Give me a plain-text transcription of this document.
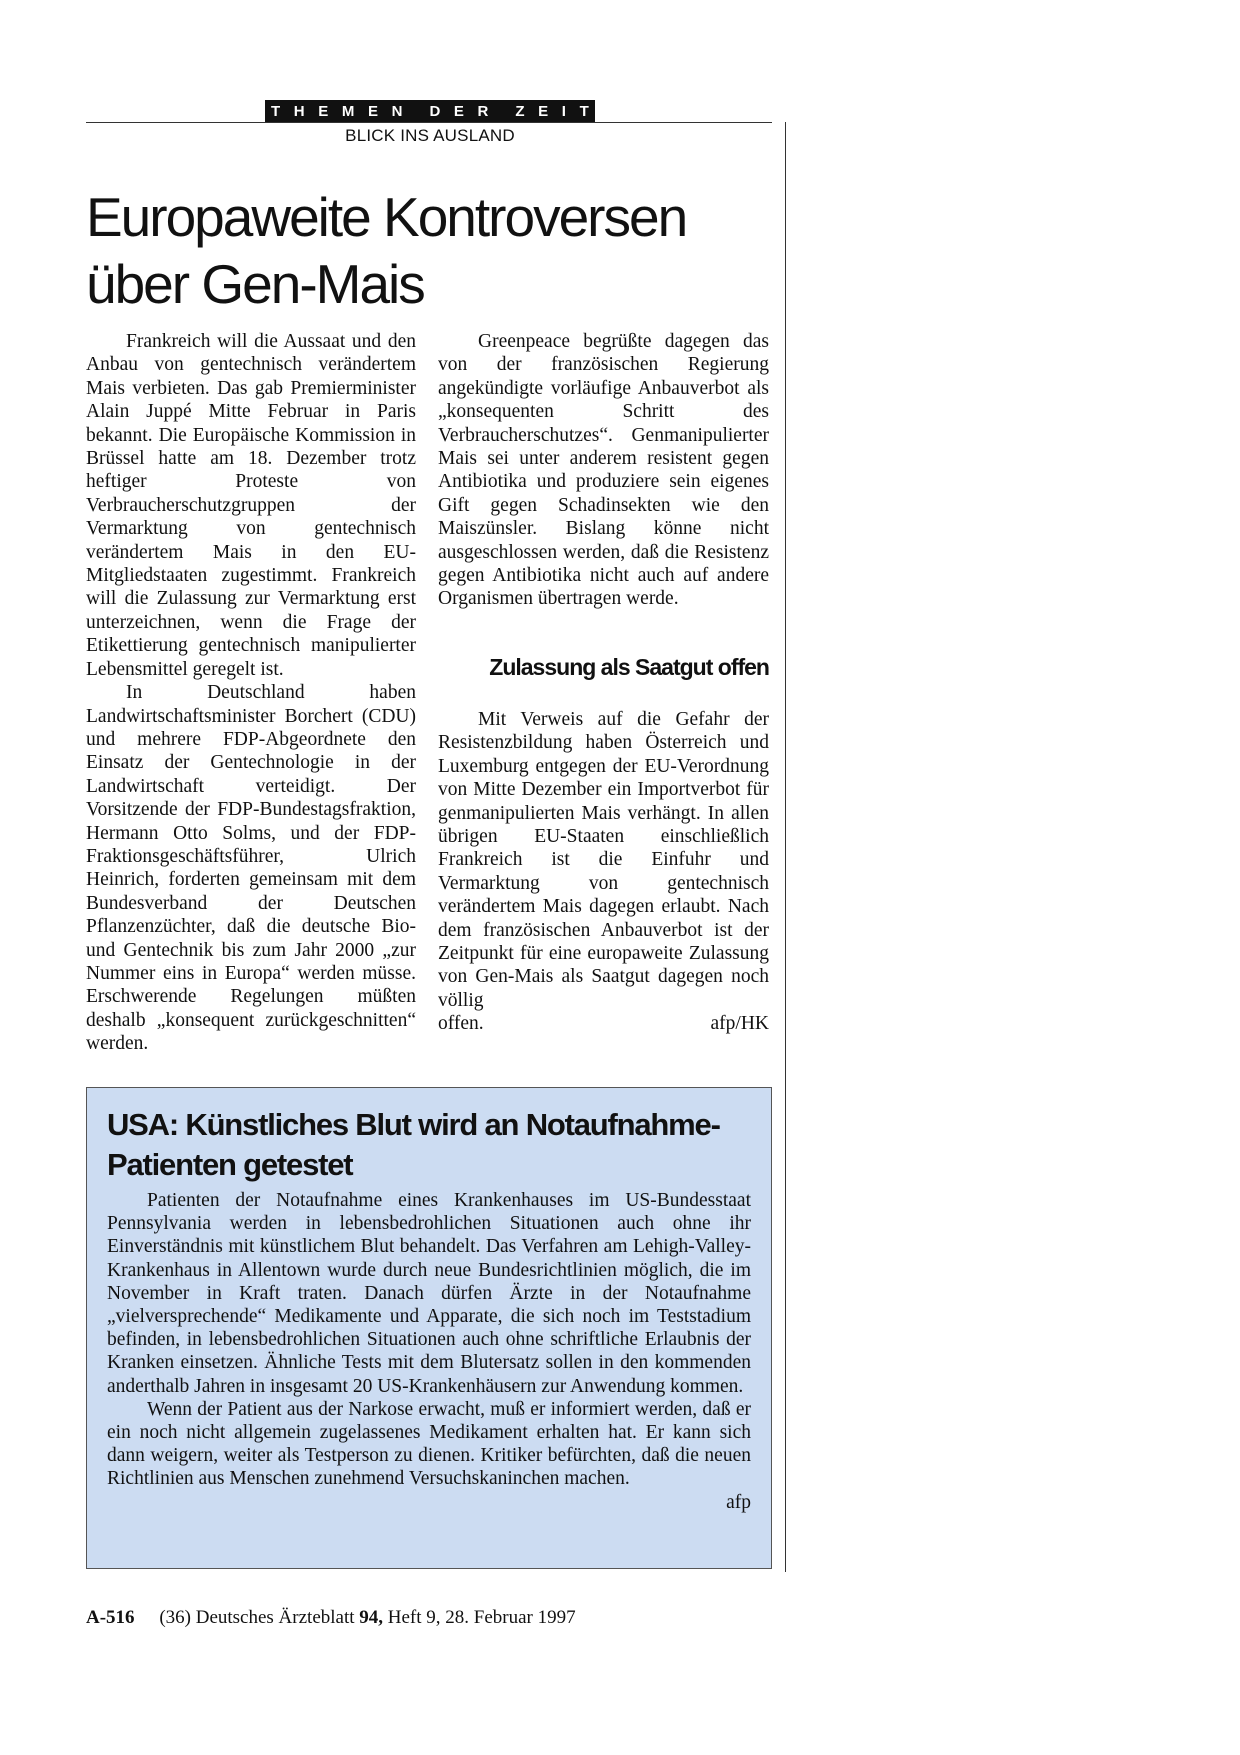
T H E M E N D E R Z E I T
BLICK INS AUSLAND
Europaweite Kontroversen
über Gen-Mais

Frankreich will die Aussaat und den Anbau von gentechnisch verändertem Mais verbieten. Das gab Premierminister Alain Juppé Mitte Februar in Paris bekannt. Die Europäische Kommission in Brüssel hatte am 18. Dezember trotz heftiger Proteste von Verbraucherschutzgruppen der Vermarktung von gentechnisch verändertem Mais in den EU-Mitgliedstaaten zugestimmt. Frankreich will die Zulassung zur Vermarktung erst unterzeichnen, wenn die Frage der Etikettierung gentechnisch manipulierter Lebensmittel geregelt ist.

In Deutschland haben Landwirtschaftsminister Borchert (CDU) und mehrere FDP-Abgeordnete den Einsatz der Gentechnologie in der Landwirtschaft verteidigt. Der Vorsitzende der FDP-Bundestagsfraktion, Hermann Otto Solms, und der FDP-Fraktionsgeschäftsführer, Ulrich Heinrich, forderten gemeinsam mit dem Bundesverband der Deutschen Pflanzenzüchter, daß die deutsche Bio- und Gentechnik bis zum Jahr 2000 „zur Nummer eins in Europa“ werden müsse. Erschwerende Regelungen müßten deshalb „konsequent zurückgeschnitten“ werden.

Greenpeace begrüßte dagegen das von der französischen Regierung angekündigte vorläufige Anbauverbot als „konsequenten Schritt des Verbraucherschutzes“. Genmanipulierter Mais sei unter anderem resistent gegen Antibiotika und produziere sein eigenes Gift gegen Schadinsekten wie den Maiszünsler. Bislang könne nicht ausgeschlossen werden, daß die Resistenz gegen Antibiotika nicht auch auf andere Organismen übertragen werde.

Zulassung als Saatgut offen

Mit Verweis auf die Gefahr der Resistenzbildung haben Österreich und Luxemburg entgegen der EU-Verordnung von Mitte Dezember ein Importverbot für genmanipulierten Mais verhängt. In allen übrigen EU-Staaten einschließlich Frankreich ist die Einfuhr und Vermarktung von gentechnisch verändertem Mais dagegen erlaubt. Nach dem französischen Anbauverbot ist der Zeitpunkt für eine europaweite Zulassung von Gen-Mais als Saatgut dagegen noch völlig

offen.	afp/HK
USA: Künstliches Blut wird an Notaufnahme-
Patienten getestet

Patienten der Notaufnahme eines Krankenhauses im US-Bundesstaat Pennsylvania werden in lebensbedrohlichen Situationen auch ohne ihr Einverständnis mit künstlichem Blut behandelt. Das Verfahren am Lehigh-Valley-Krankenhaus in Allentown wurde durch neue Bundesrichtlinien möglich, die im November in Kraft traten. Danach dürfen Ärzte in der Notaufnahme „vielversprechende“ Medikamente und Apparate, die sich noch im Teststadium befinden, in lebensbedrohlichen Situationen auch ohne schriftliche Erlaubnis der Kranken einsetzen. Ähnliche Tests mit dem Blutersatz sollen in den kommenden anderthalb Jahren in insgesamt 20 US-Krankenhäusern zur Anwendung kommen.

Wenn der Patient aus der Narkose erwacht, muß er informiert werden, daß er ein noch nicht allgemein zugelassenes Medikament erhalten hat. Er kann sich dann weigern, weiter als Testperson zu dienen. Kritiker befürchten, daß die neuen Richtlinien aus Menschen zunehmend Versuchskaninchen machen.

afp
A-516 (36) Deutsches Ärzteblatt 94, Heft 9, 28. Februar 1997
